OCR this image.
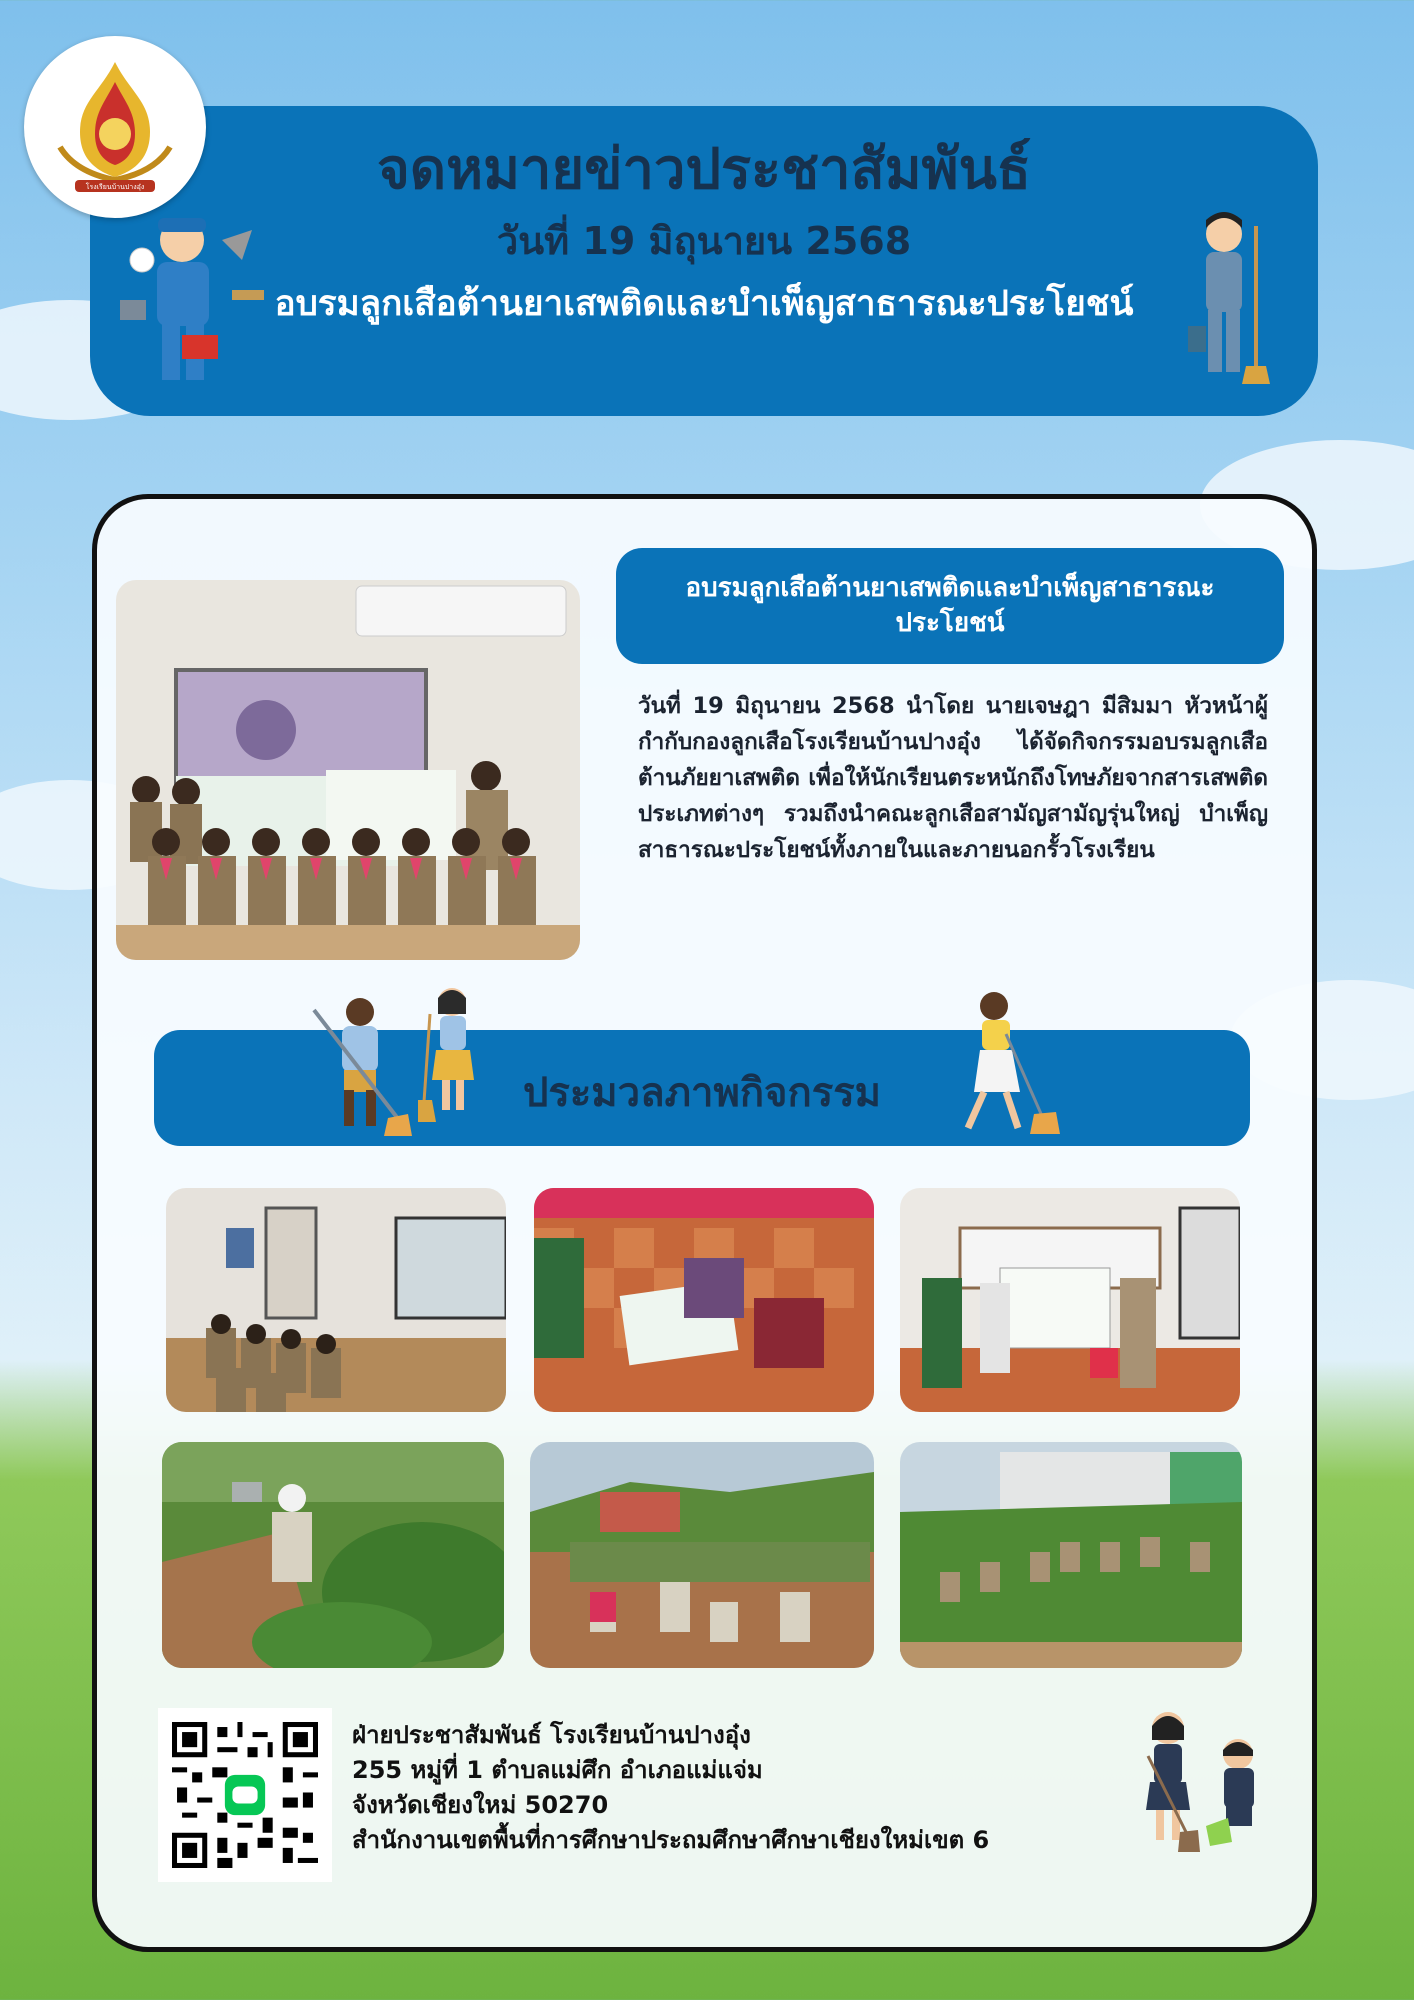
จดหมายข่าวประชาสัมพันธ์
วันที่ 19 มิถุนายน 2568
อบรมลูกเสือต้านยาเสพติดและบำเพ็ญสาธารณะประโยชน์
โรงเรียนบ้านปางอุ๋ง
อบรมลูกเสือต้านยาเสพติดและบำเพ็ญสาธารณะประโยชน์
วันที่ 19 มิถุนายน 2568 นำโดย นายเจษฎา มีสิมมา หัวหน้าผู้กำกับกองลูกเสือโรงเรียนบ้านปางอุ๋ง ได้จัดกิจกรรมอบรมลูกเสือต้านภัยยาเสพติด เพื่อให้นักเรียนตระหนักถึงโทษภัยจากสารเสพติดประเภทต่างๆ รวมถึงนำคณะลูกเสือสามัญสามัญรุ่นใหญ่ บำเพ็ญสาธารณะประโยชน์ทั้งภายในและภายนอกรั้วโรงเรียน
ประมวลภาพกิจกรรม
ฝ่ายประชาสัมพันธ์ โรงเรียนบ้านปางอุ๋ง
255 หมู่ที่ 1 ตำบลแม่ศึก อำเภอแม่แจ่ม
จังหวัดเชียงใหม่ 50270
สำนักงานเขตพื้นที่การศึกษาประถมศึกษาศึกษาเชียงใหม่เขต 6
